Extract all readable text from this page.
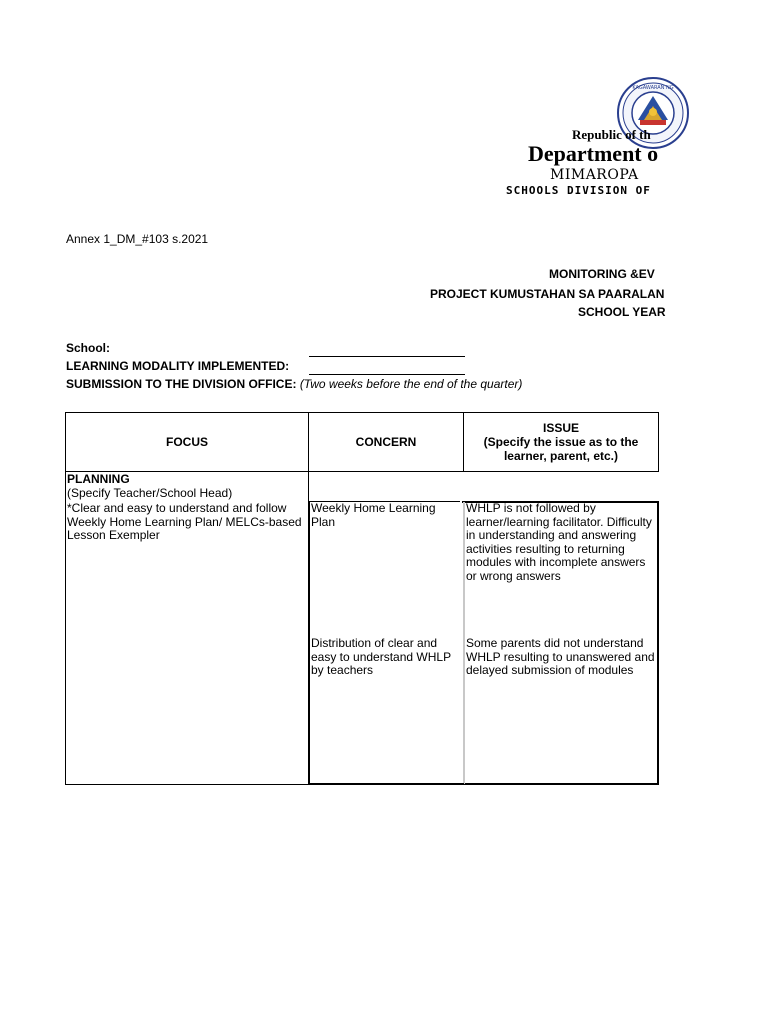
KAGAWARAN NG
Republic of th
Department o
MIMAROPA
SCHOOLS DIVISION OF
Annex 1_DM_#103 s.2021
MONITORING &EV
PROJECT KUMUSTAHAN SA PAARALAN
SCHOOL YEAR
School:
LEARNING MODALITY IMPLEMENTED:
SUBMISSION TO THE DIVISION OFFICE: (Two weeks before the end of the quarter)
FOCUS	CONCERN
ISSUE
(Specify the issue as to the learner, parent, etc.)
PLANNING
(Specify Teacher/School Head)
*Clear and easy to understand and follow Weekly Home Learning Plan/ MELCs-based Lesson Exempler
Weekly Home Learning Plan
WHLP is not followed by learner/learning facilitator. Difficulty in understanding and answering activities resulting to returning modules with incomplete answers or wrong answers
Distribution of clear and easy to understand WHLP by teachers
Some parents did not understand WHLP resulting to unanswered and delayed submission of modules
